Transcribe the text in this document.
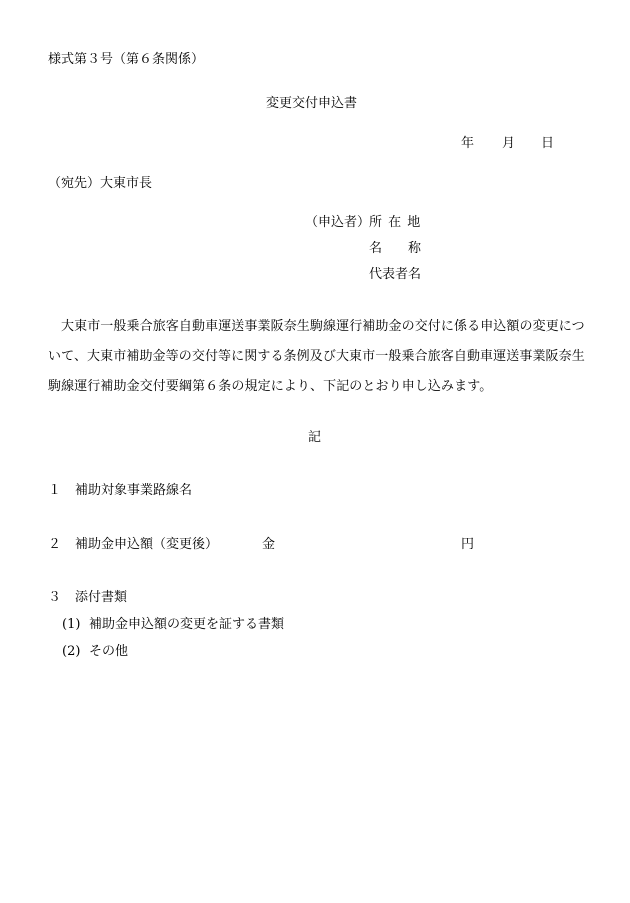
様式第３号（第６条関係）
変更交付申込書
年 月 日
（宛先）大東市長
（申込者）
所 在 地
名　　称
代表者名
大東市一般乗合旅客自動車運送事業阪奈生駒線運行補助金の交付に係る申込額の変更について、大東市補助金等の交付等に関する条例及び大東市一般乗合旅客自動車運送事業阪奈生駒線運行補助金交付要綱第６条の規定により、下記のとおり申し込みます。
記
１ 補助対象事業路線名
２ 補助金申込額（変更後）	金	円
３ 添付書類
(1) 補助金申込額の変更を証する書類
(2) その他
